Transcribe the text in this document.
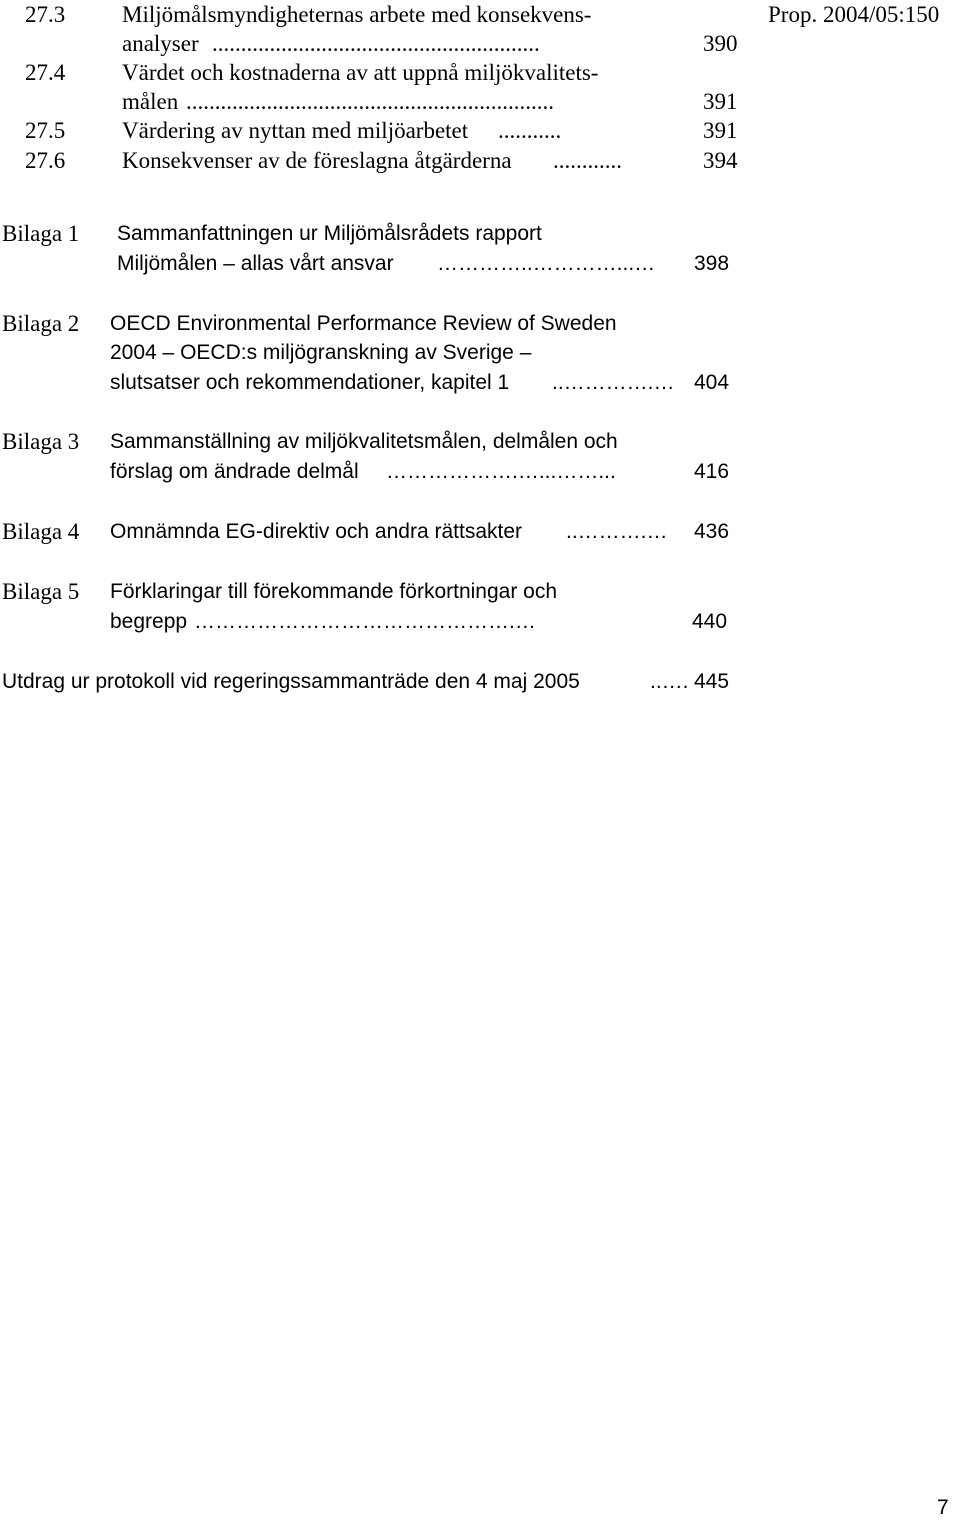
Prop. 2004/05:150
27.3 Miljömålsmyndigheternas arbete med konsekvens-
analyser .........................................................	390
27.4 Värdet och kostnaderna av att uppnå miljökvalitets-
målen ................................................................	391
27.5 Värdering av nyttan med miljöarbetet ...........	391
27.6 Konsekvenser av de föreslagna åtgärderna ............	394
Bilaga 1 Sammanfattningen ur Miljömålsrådets rapport
Miljömålen – allas vårt ansvar …………..…………...…	398
Bilaga 2 OECD Environmental Performance Review of Sweden
2004 – OECD:s miljögranskning av Sverige –
slutsatser och rekommendationer, kapitel 1 ..………….… 404
Bilaga 3 Sammanställning av miljökvalitetsmålen, delmålen och
förslag om ändrade delmål ……………….…...……...	416
Bilaga 4 Omnämnda EG-direktiv och andra rättsakter ..……….…	436
Bilaga 5 Förklaringar till förekommande förkortningar och
begrepp ……………………………………….…	440
Utdrag ur protokoll vid regeringssammanträde den 4 maj 2005	..…. 445
7
